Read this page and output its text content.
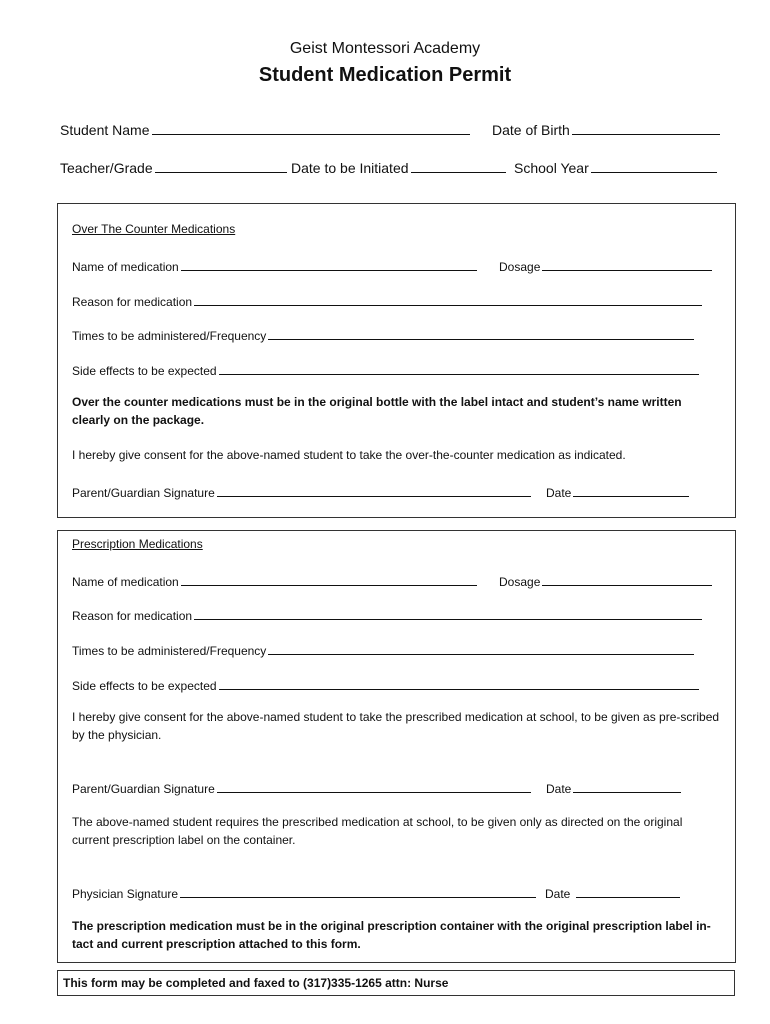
Geist Montessori Academy
Student Medication Permit
Student Name	Date of Birth
Teacher/Grade	Date to be Initiated	School Year
Over The Counter Medications
Name of medication	Dosage
Reason for medication
Times to be administered/Frequency
Side effects to be expected
Over the counter medications must be in the original bottle with the label intact and student’s name written clearly on the package.
I hereby give consent for the above-named student to take the over-the-counter medication as indicated.
Parent/Guardian Signature	Date
Prescription Medications
Name of medication	Dosage
Reason for medication
Times to be administered/Frequency
Side effects to be expected
I hereby give consent for the above-named student to take the prescribed medication at school, to be given as pre-scribed by the physician.
Parent/Guardian Signature	Date
The above-named student requires the prescribed medication at school, to be given only as directed on the original current prescription label on the container.
Physician Signature	Date
The prescription medication must be in the original prescription container with the original prescription label in-tact and current prescription attached to this form.
This form may be completed and faxed to (317)335-1265 attn: Nurse
